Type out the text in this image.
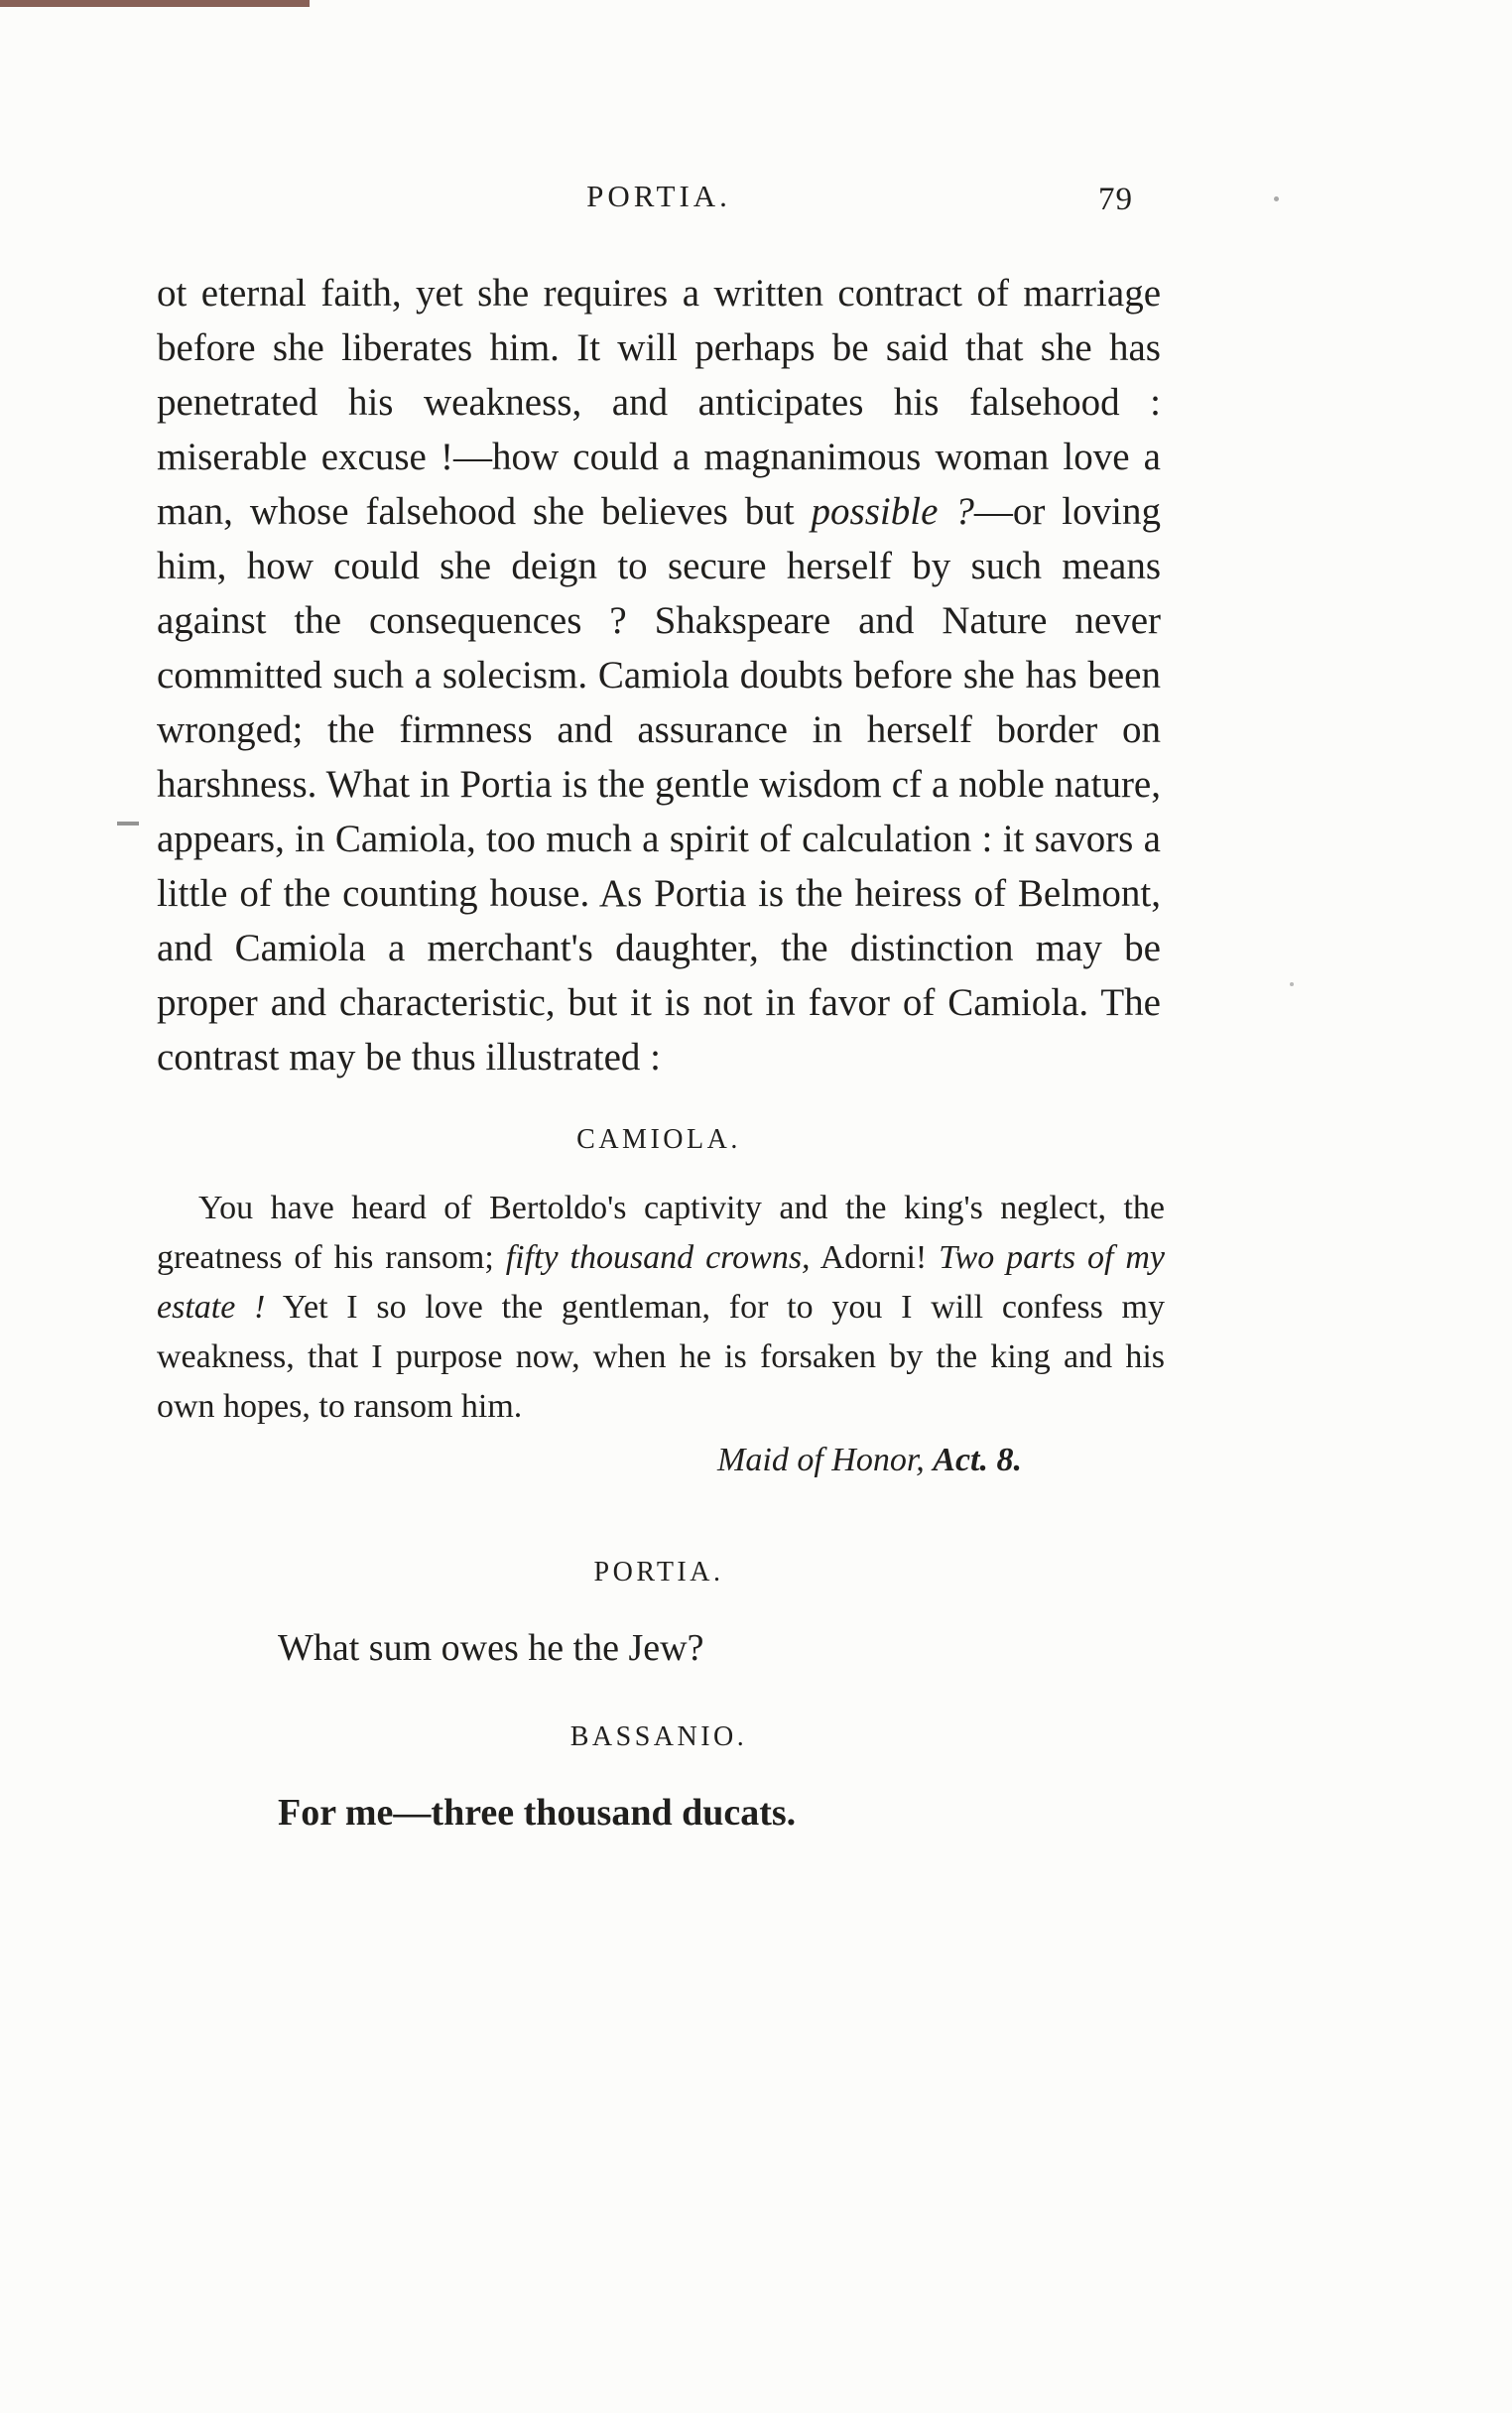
PORTIA.	79

ot eternal faith, yet she requires a written contract of marriage before she liberates him. It will perhaps be said that she has penetrated his weakness, and anticipates his falsehood : miserable excuse !—how could a magnanimous woman love a man, whose falsehood she believes but possible ?—or loving him, how could she deign to secure herself by such means against the consequences ? Shakspeare and Nature never committed such a solecism. Camiola doubts before she has been wronged; the firmness and assurance in herself border on harshness. What in Portia is the gentle wisdom cf a noble nature, appears, in Camiola, too much a spirit of calculation : it savors a little of the counting house. As Portia is the heiress of Belmont, and Camiola a merchant's daughter, the distinction may be proper and characteristic, but it is not in favor of Camiola. The contrast may be thus illustrated :

CAMIOLA.

You have heard of Bertoldo's captivity and the king's neglect, the greatness of his ransom; fifty thousand crowns, Adorni! Two parts of my estate ! Yet I so love the gentleman, for to you I will confess my weakness, that I purpose now, when he is forsaken by the king and his own hopes, to ransom him.

Maid of Honor, Act. 8.

PORTIA.

What sum owes he the Jew?

BASSANIO.

For me—three thousand ducats.
